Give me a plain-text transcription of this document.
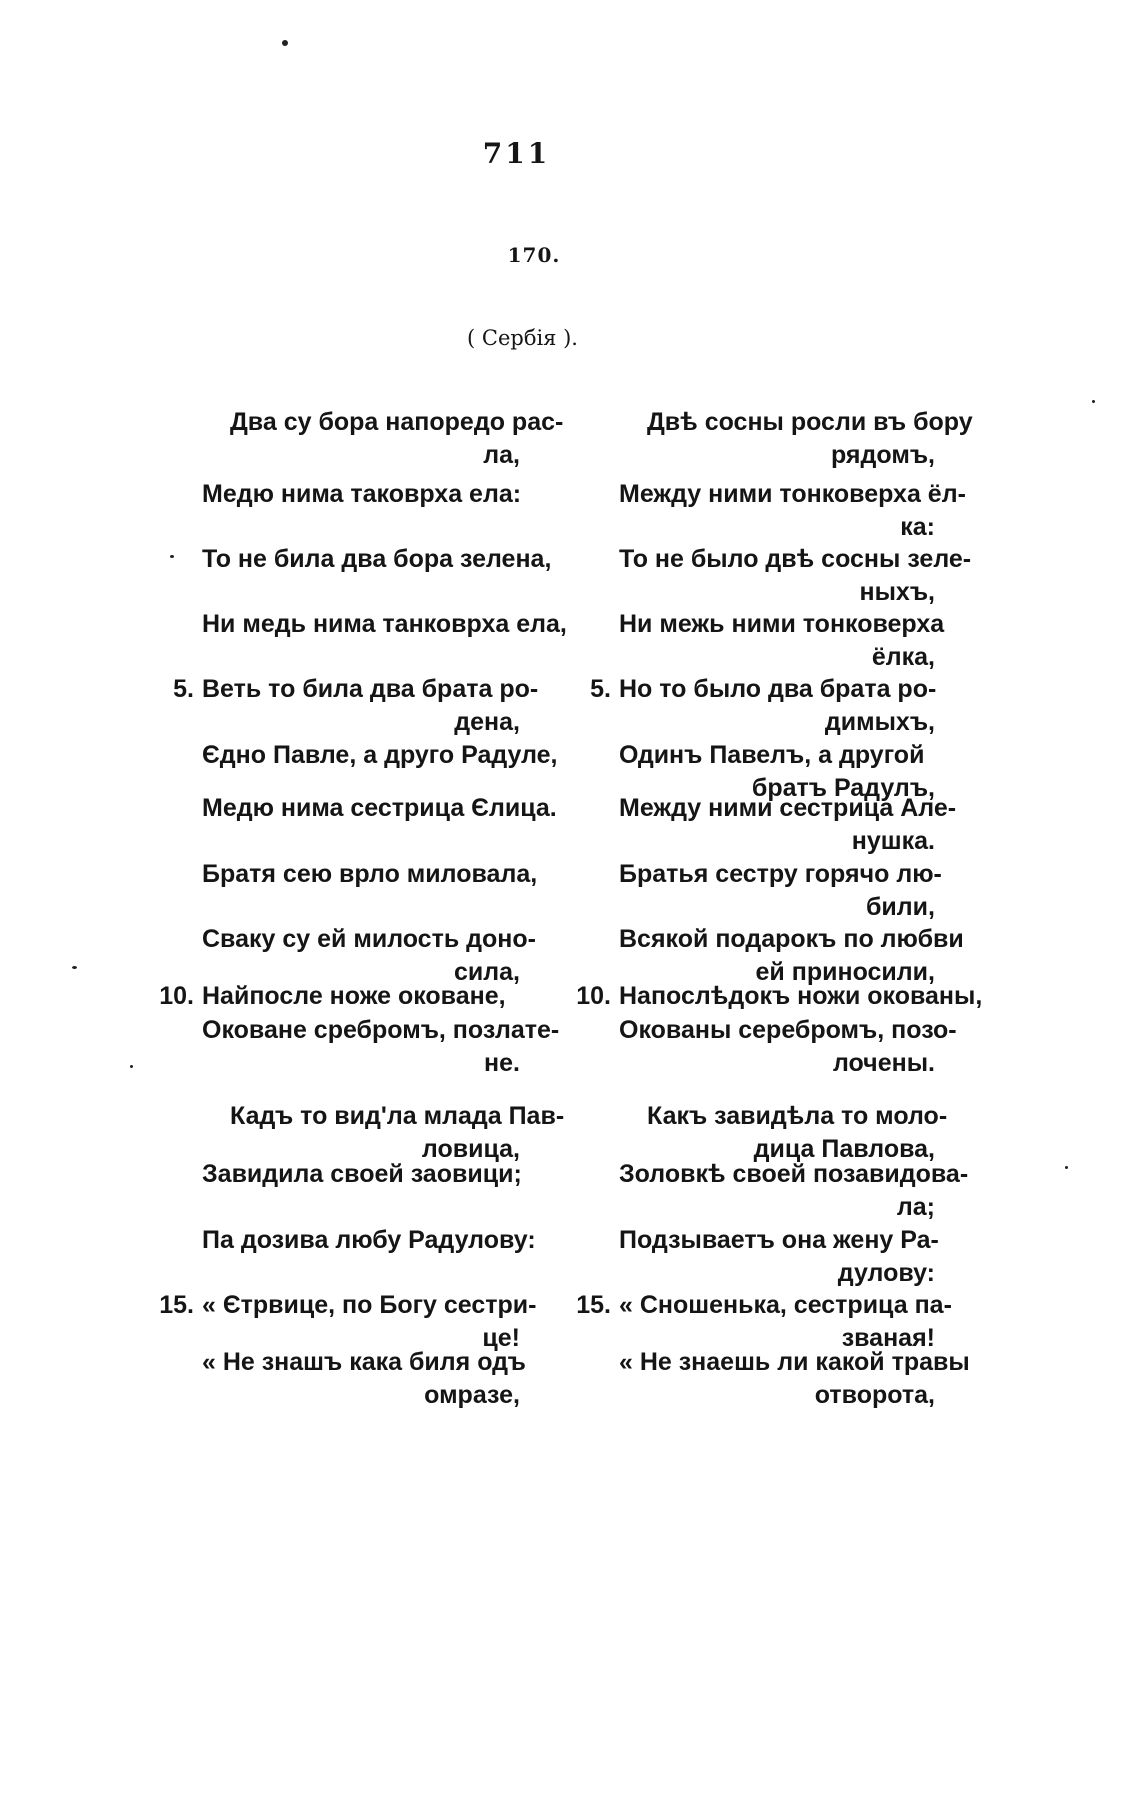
711
170.
( Сербія ).
Два су бора напоредо рас-
ла,
Медю нима таковрха ела:
То не била два бора зелена,
Ни медь нима танковрха ела,
5. Веть то била два брата ро-
дена,
Єдно Павле, а друго Радуле,
Медю нима сестрица Єлица.
Братя сею врло миловала,
Сваку су ей милость доно-
сила,
10. Найпосле ноже оковане,
Оковане сребромъ, позлате-
не.
Кадъ то вид'ла млада Пав-
ловица,
Завидила своей заовици;
Па дозива любу Радулову:
15. « Єтрвице, по Богу сестри-
це!
« Не знашъ кака биля одъ
омразе,
Двѣ сосны росли въ бору
рядомъ,
Между ними тонковерха ёл-
ка:
То не было двѣ сосны зеле-
ныхъ,
Ни межь ними тонковерха
ёлка,
5. Но то было два брата ро-
димыхъ,
Одинъ Павелъ, а другой
братъ Радулъ,
Между ними сестрица Але-
нушка.
Братья сестру горячо лю-
били,
Всякой подарокъ по любви
ей приносили,
10. Напослѣдокъ ножи окованы,
Окованы серебромъ, позо-
лочены.
Какъ завидѣла то моло-
дица Павлова,
Золовкѣ своей позавидова-
ла;
Подзываетъ она жену Ра-
дулову:
15. « Сношенька, сестрица па-
званая!
« Не знаешь ли какой травы
отворота,
